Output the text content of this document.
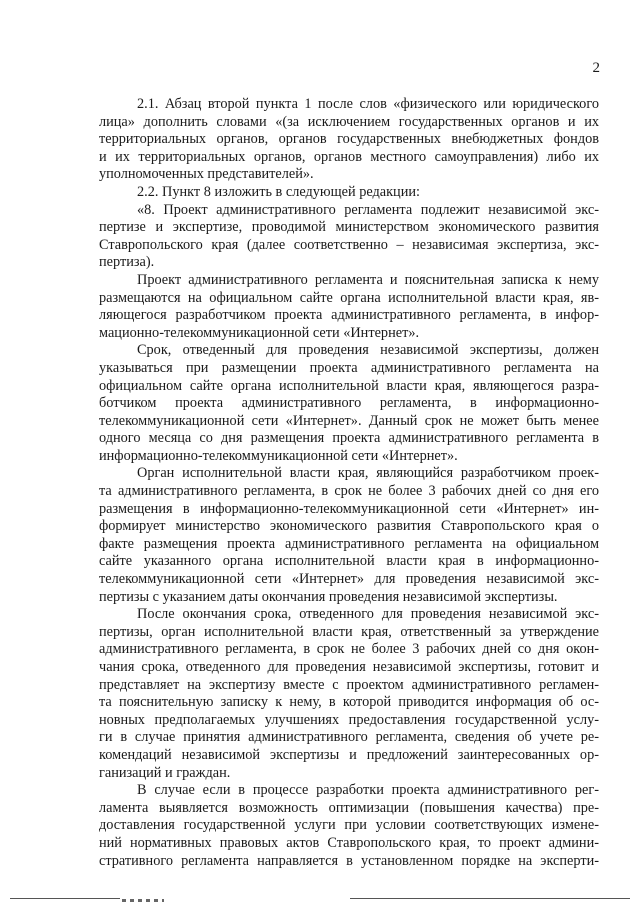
2
2.1. Абзац второй пункта 1 после слов «физического или юридического
лица» дополнить словами «(за исключением государственных органов и их
территориальных органов, органов государственных внебюджетных фондов
и их территориальных органов, органов местного самоуправления) либо их
уполномоченных представителей».
2.2. Пункт 8 изложить в следующей редакции:
«8. Проект административного регламента подлежит независимой экс-
пертизе и экспертизе, проводимой министерством экономического развития
Ставропольского края (далее соответственно – независимая экспертиза, экс-
пертиза).
Проект административного регламента и пояснительная записка к нему
размещаются на официальном сайте органа исполнительной власти края, яв-
ляющегося разработчиком проекта административного регламента, в инфор-
мационно-телекоммуникационной сети «Интернет».
Срок, отведенный для проведения независимой экспертизы, должен
указываться при размещении проекта административного регламента на
официальном сайте органа исполнительной власти края, являющегося разра-
ботчиком проекта административного регламента, в информационно-
телекоммуникационной сети «Интернет». Данный срок не может быть менее
одного месяца со дня размещения проекта административного регламента в
информационно-телекоммуникационной сети «Интернет».
Орган исполнительной власти края, являющийся разработчиком проек-
та административного регламента, в срок не более 3 рабочих дней со дня его
размещения в информационно-телекоммуникационной сети «Интернет» ин-
формирует министерство экономического развития Ставропольского края о
факте размещения проекта административного регламента на официальном
сайте указанного органа исполнительной власти края в информационно-
телекоммуникационной сети «Интернет» для проведения независимой экс-
пертизы с указанием даты окончания проведения независимой экспертизы.
После окончания срока, отведенного для проведения независимой экс-
пертизы, орган исполнительной власти края, ответственный за утверждение
административного регламента, в срок не более 3 рабочих дней со дня окон-
чания срока, отведенного для проведения независимой экспертизы, готовит и
представляет на экспертизу вместе с проектом административного регламен-
та пояснительную записку к нему, в которой приводится информация об ос-
новных предполагаемых улучшениях предоставления государственной услу-
ги в случае принятия административного регламента, сведения об учете ре-
комендаций независимой экспертизы и предложений заинтересованных ор-
ганизаций и граждан.
В случае если в процессе разработки проекта административного рег-
ламента выявляется возможность оптимизации (повышения качества) пре-
доставления государственной услуги при условии соответствующих измене-
ний нормативных правовых актов Ставропольского края, то проект админи-
стративного регламента направляется в установленном порядке на эксперти-
